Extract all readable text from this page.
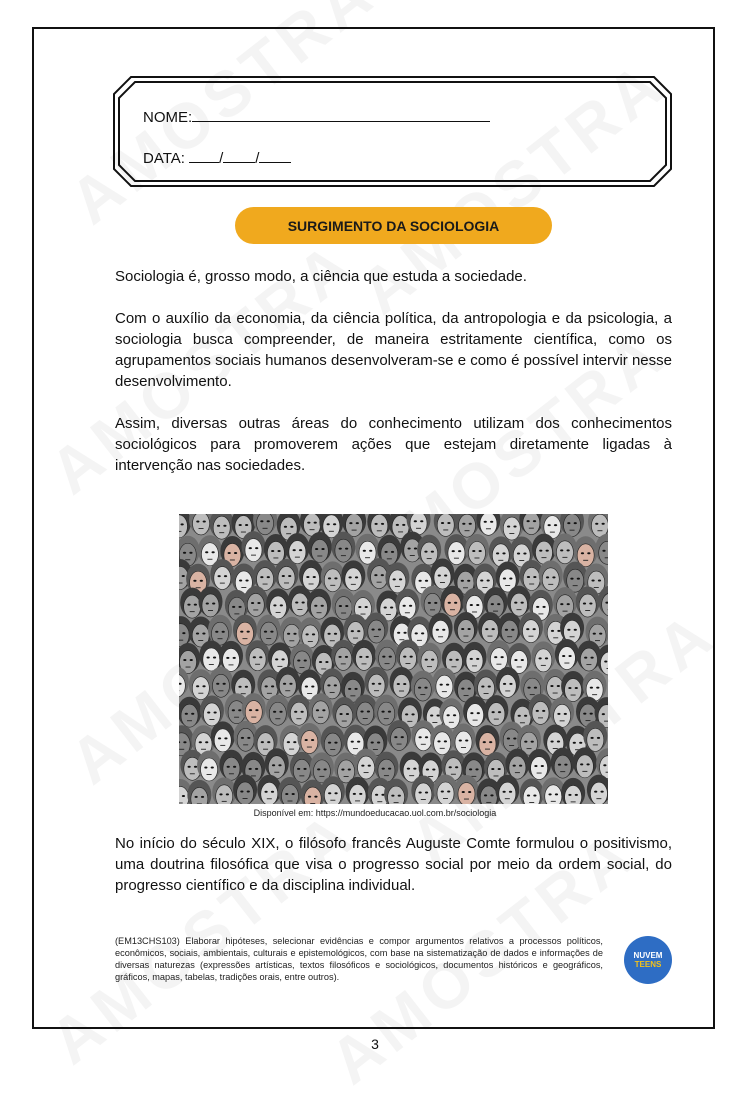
NOME:
DATA: / /
SURGIMENTO DA SOCIOLOGIA

Sociologia é, grosso modo, a ciência que estuda a sociedade.

Com o auxílio da economia, da ciência política, da antropologia e da psicologia, a sociologia busca compreender, de maneira estritamente científica, como os agrupamentos sociais humanos desenvolveram-se e como é possível intervir nesse desenvolvimento.

Assim, diversas outras áreas do conhecimento utilizam dos conhecimentos sociológicos para promoverem ações que estejam diretamente ligadas à intervenção nas sociedades.

Disponível em: https://mundoeducacao.uol.com.br/sociologia

No início do século XIX, o filósofo francês Auguste Comte formulou o positivismo, uma doutrina filosófica que visa o progresso social por meio da ordem social, do progresso científico e da disciplina individual.

(EM13CHS103) Elaborar hipóteses, selecionar evidências e compor argumentos relativos a processos políticos, econômicos, sociais, ambientais, culturais e epistemológicos, com base na sistematização de dados e informações de diversas naturezas (expressões artísticas, textos filosóficos e sociológicos, documentos históricos e geográficos, gráficos, mapas, tabelas, tradições orais, entre outros).

NUVEM
TEENS
3
